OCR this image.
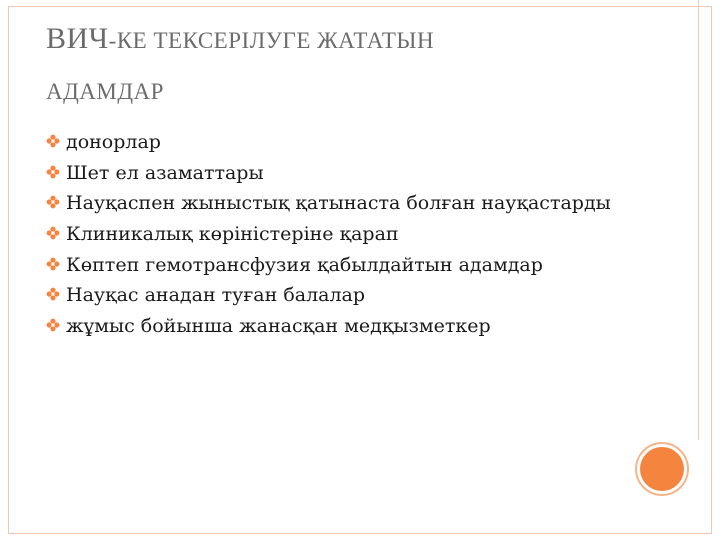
ВИЧ-КЕ ТЕКСЕРІЛУГЕ ЖАТАТЫН
АДАМДАР
донорлар
Шет ел азаматтары
Науқаспен жыныстық қатынаста болған науқастарды
Клиникалық көріністеріне қарап
Көптеп гемотрансфузия қабылдайтын адамдар
Науқас анадан туған балалар
жұмыс бойынша жанасқан медқызметкер
